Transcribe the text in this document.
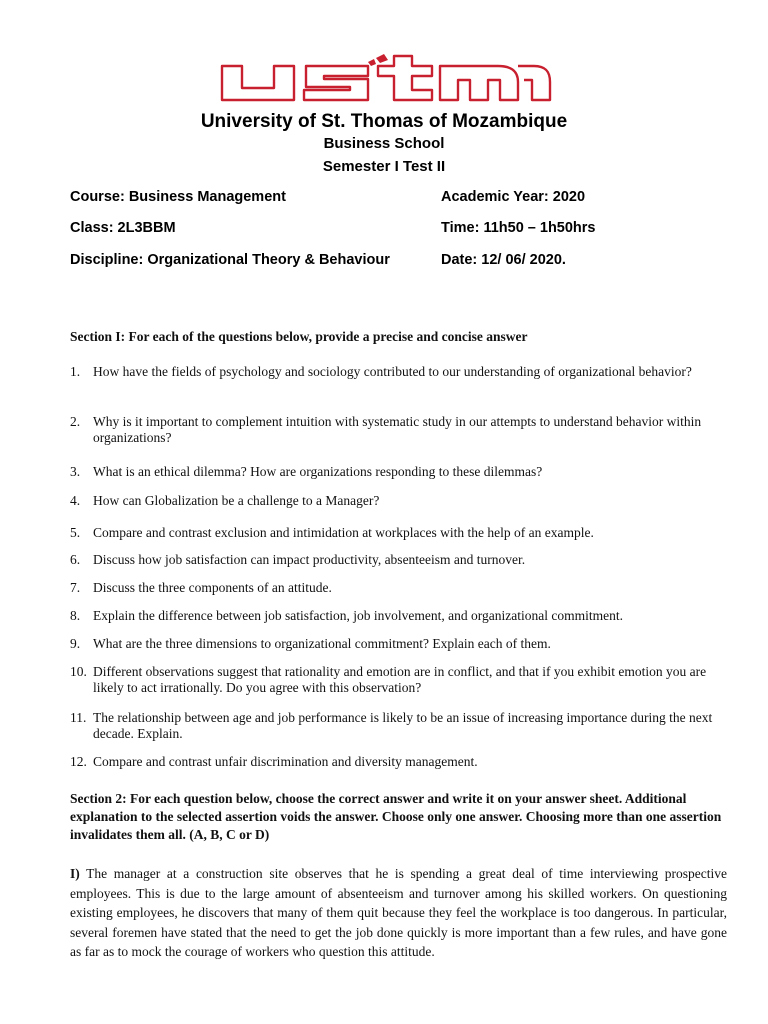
University of St. Thomas of Mozambique
Business School
Semester I Test II
Course: Business Management	Academic Year: 2020
Class: 2L3BBM	Time: 11h50 – 1h50hrs
Discipline: Organizational Theory & Behaviour	Date: 12/ 06/ 2020.
Section I: For each of the questions below, provide a precise and concise answer
1. How have the fields of psychology and sociology contributed to our understanding of organizational behavior?
2. Why is it important to complement intuition with systematic study in our attempts to understand behavior within organizations?
3. What is an ethical dilemma? How are organizations responding to these dilemmas?
4. How can Globalization be a challenge to a Manager?
5. Compare and contrast exclusion and intimidation at workplaces with the help of an example.
6. Discuss how job satisfaction can impact productivity, absenteeism and turnover.
7. Discuss the three components of an attitude.
8. Explain the difference between job satisfaction, job involvement, and organizational commitment.
9. What are the three dimensions to organizational commitment? Explain each of them.
10. Different observations suggest that rationality and emotion are in conflict, and that if you exhibit emotion you are likely to act irrationally. Do you agree with this observation?
11. The relationship between age and job performance is likely to be an issue of increasing importance during the next decade. Explain.
12. Compare and contrast unfair discrimination and diversity management.
Section 2: For each question below, choose the correct answer and write it on your answer sheet. Additional explanation to the selected assertion voids the answer. Choose only one answer. Choosing more than one assertion invalidates them all. (A, B, C or D)
I) The manager at a construction site observes that he is spending a great deal of time interviewing prospective employees. This is due to the large amount of absenteeism and turnover among his skilled workers. On questioning existing employees, he discovers that many of them quit because they feel the workplace is too dangerous. In particular, several foremen have stated that the need to get the job done quickly is more important than a few rules, and have gone as far as to mock the courage of workers who question this attitude.
